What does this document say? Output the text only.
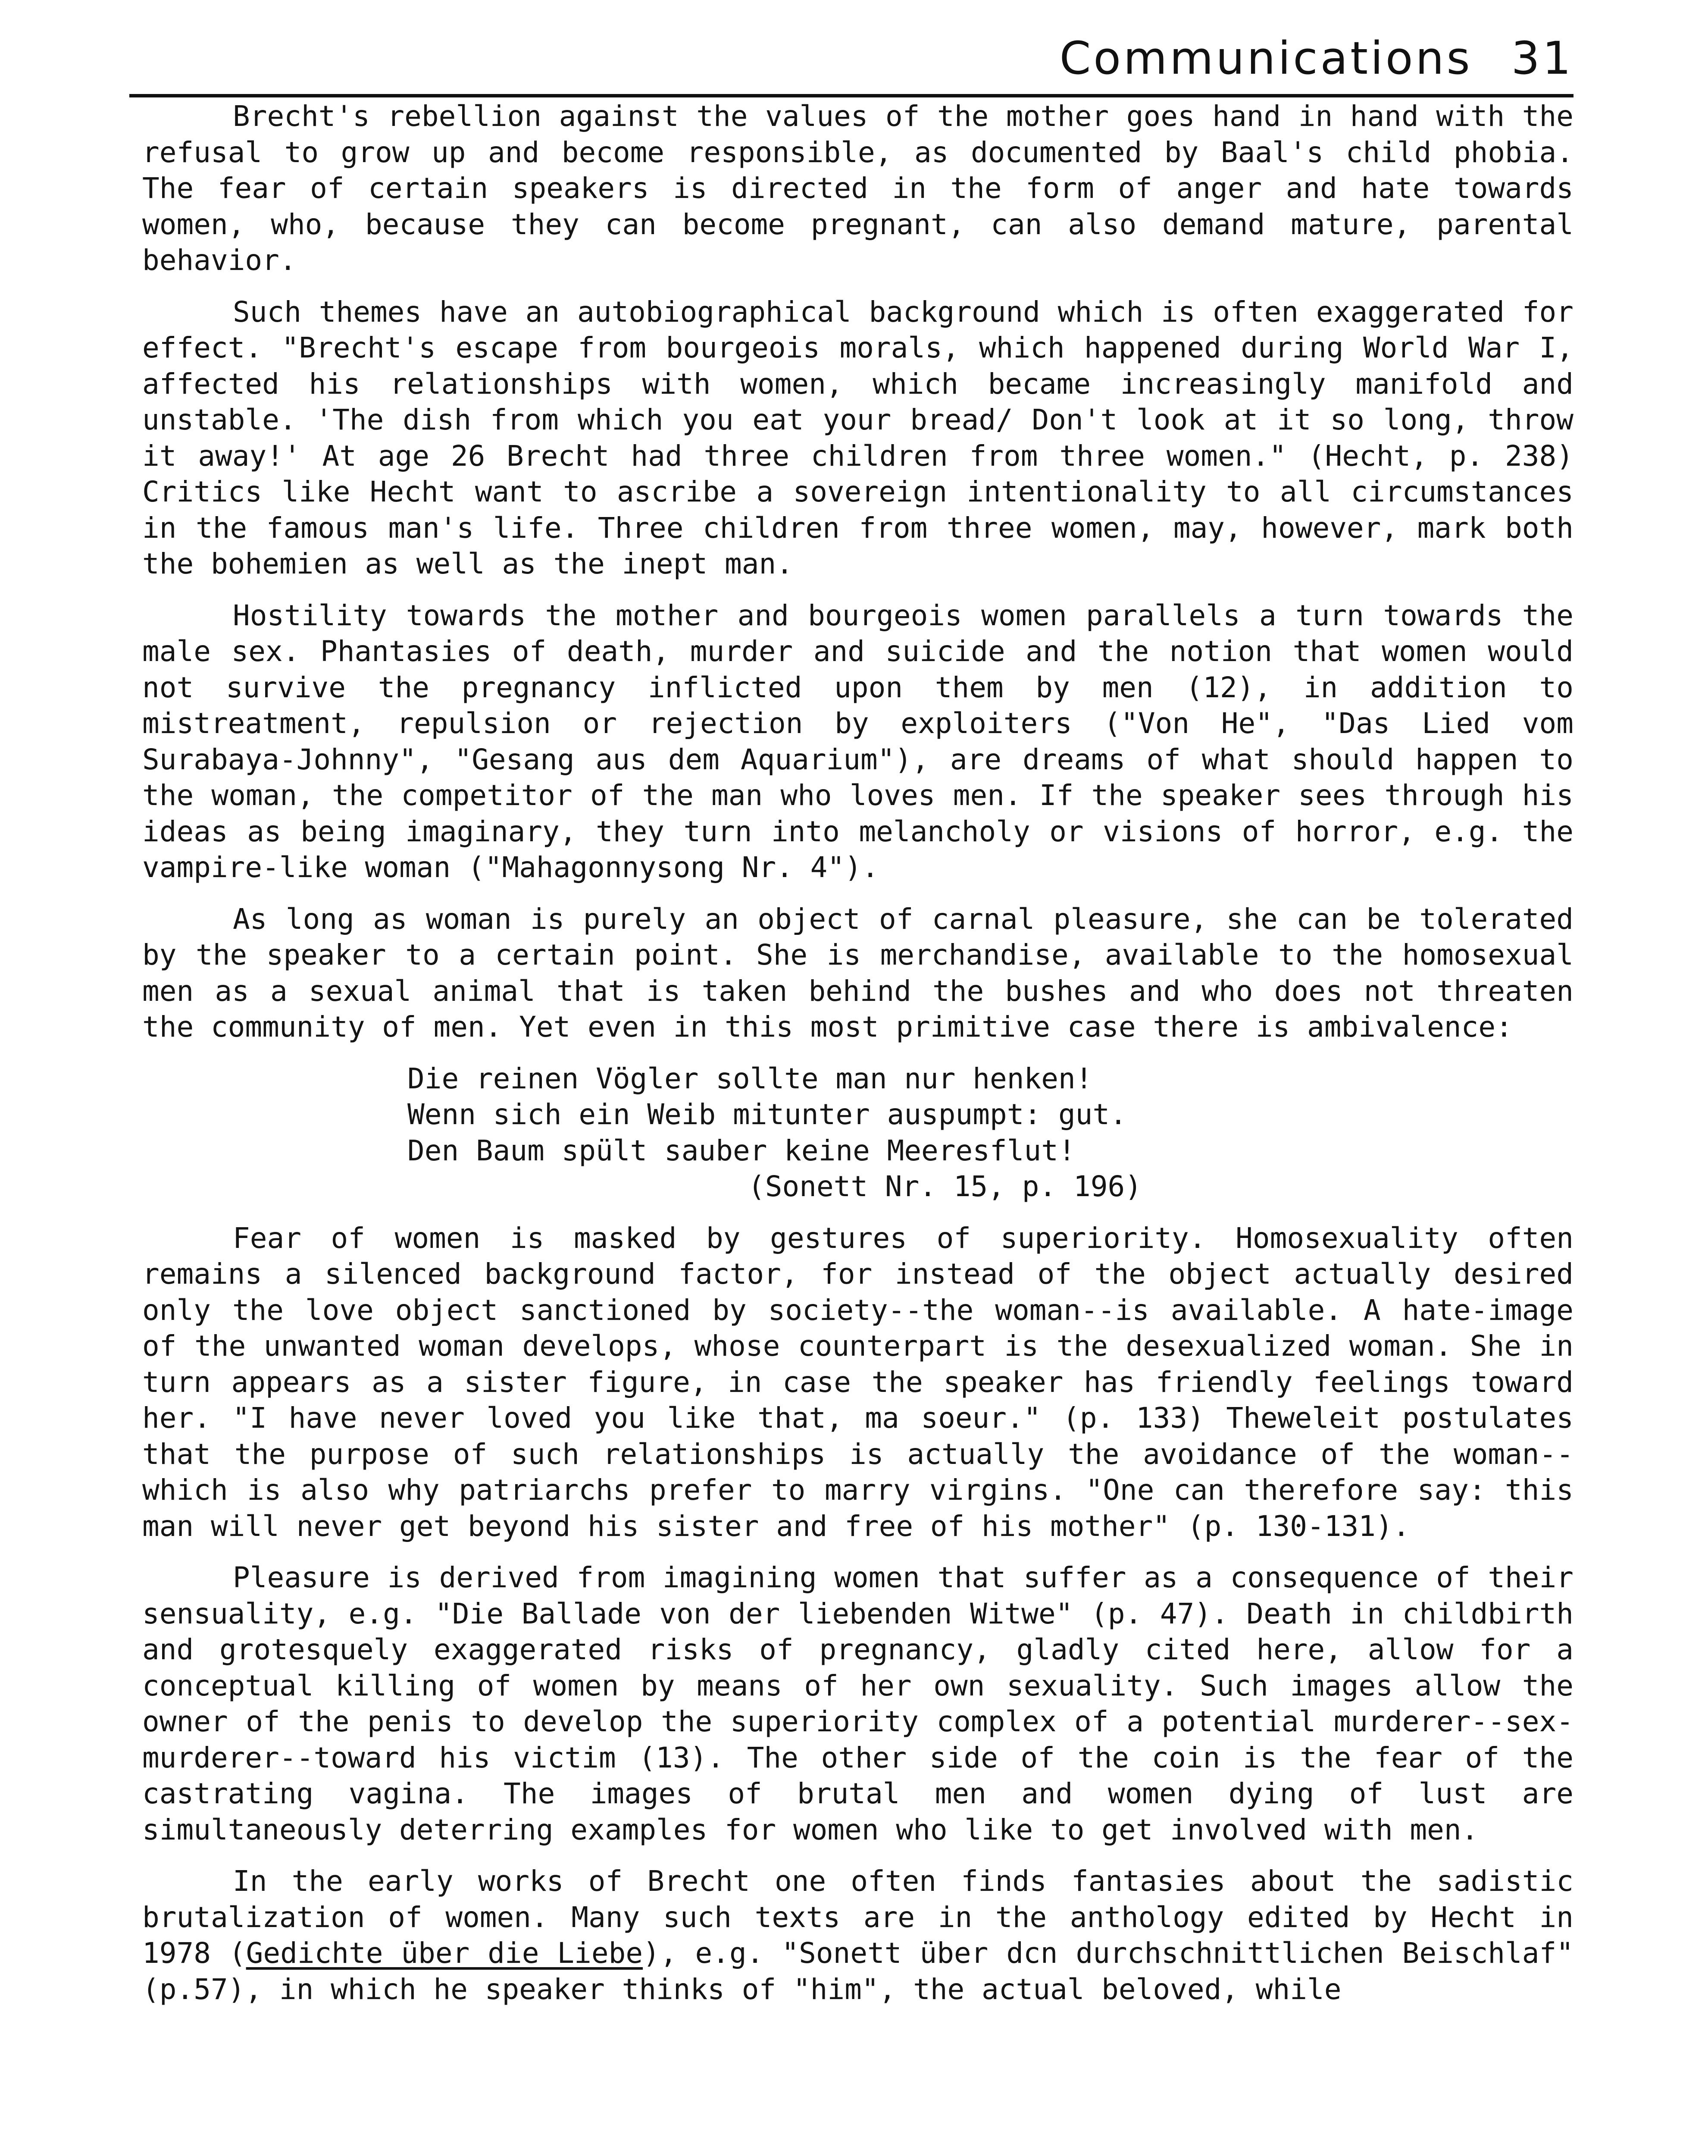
Communications 31

Brecht's rebellion against the values of the mother goes hand in hand with the refusal to grow up and become responsible, as documented by Baal's child phobia. The fear of certain speakers is directed in the form of anger and hate towards women, who, because they can become pregnant, can also demand mature, parental behavior.

Such themes have an autobiographical background which is often exaggerated for effect. "Brecht's escape from bourgeois morals, which happened during World War I, affected his relationships with women, which became increasingly manifold and unstable. 'The dish from which you eat your bread/ Don't look at it so long, throw it away!' At age 26 Brecht had three children from three women." (Hecht, p. 238) Critics like Hecht want to ascribe a sovereign intentionality to all circumstances in the famous man's life. Three children from three women, may, however, mark both the bohemien as well as the inept man.

Hostility towards the mother and bourgeois women parallels a turn towards the male sex. Phantasies of death, murder and suicide and the notion that women would not survive the pregnancy inflicted upon them by men (12), in addition to mistreatment, repulsion or rejection by exploiters ("Von He", "Das Lied vom Surabaya-Johnny", "Gesang aus dem Aquarium"), are dreams of what should happen to the woman, the competitor of the man who loves men. If the speaker sees through his ideas as being imaginary, they turn into melancholy or visions of horror, e.g. the vampire-like woman ("Mahagonnysong Nr. 4").

As long as woman is purely an object of carnal pleasure, she can be tolerated by the speaker to a certain point. She is merchandise, available to the homosexual men as a sexual animal that is taken behind the bushes and who does not threaten the community of men. Yet even in this most primitive case there is ambivalence:

Die reinen Vögler sollte man nur henken!
Wenn sich ein Weib mitunter auspumpt: gut.
Den Baum spült sauber keine Meeresflut!
(Sonett Nr. 15, p. 196)

Fear of women is masked by gestures of superiority. Homosexuality often remains a silenced background factor, for instead of the object actually desired only the love object sanctioned by society--the woman--is available. A hate-image of the unwanted woman develops, whose counterpart is the desexualized woman. She in turn appears as a sister figure, in case the speaker has friendly feelings toward her. "I have never loved you like that, ma soeur." (p. 133) Theweleit postulates that the purpose of such relationships is actually the avoidance of the woman--which is also why patriarchs prefer to marry virgins. "One can therefore say: this man will never get beyond his sister and free of his mother" (p. 130-131).

Pleasure is derived from imagining women that suffer as a consequence of their sensuality, e.g. "Die Ballade von der liebenden Witwe" (p. 47). Death in childbirth and grotesquely exaggerated risks of pregnancy, gladly cited here, allow for a conceptual killing of women by means of her own sexuality. Such images allow the owner of the penis to develop the superiority complex of a potential murderer--sex-murderer--toward his victim (13). The other side of the coin is the fear of the castrating vagina. The images of brutal men and women dying of lust are simultaneously deterring examples for women who like to get involved with men.

In the early works of Brecht one often finds fantasies about the sadistic brutalization of women. Many such texts are in the anthology edited by Hecht in 1978 (Gedichte über die Liebe), e.g. "Sonett über dcn durchschnittlichen Beischlaf" (p.57), in which he speaker thinks of "him", the actual beloved, while
